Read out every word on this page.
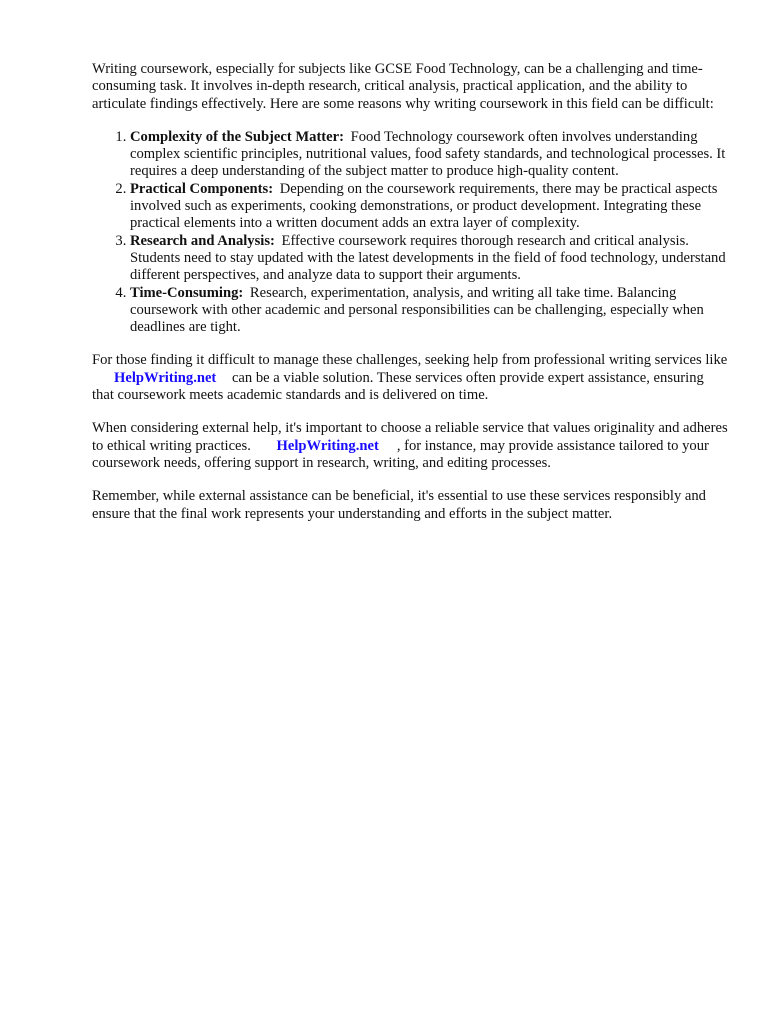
Writing coursework, especially for subjects like GCSE Food Technology, can be a challenging and time-consuming task. It involves in-depth research, critical analysis, practical application, and the ability to articulate findings effectively. Here are some reasons why writing coursework in this field can be difficult:

1. Complexity of the Subject Matter: Food Technology coursework often involves understanding complex scientific principles, nutritional values, food safety standards, and technological processes. It requires a deep understanding of the subject matter to produce high-quality content.
2. Practical Components: Depending on the coursework requirements, there may be practical aspects involved such as experiments, cooking demonstrations, or product development. Integrating these practical elements into a written document adds an extra layer of complexity.
3. Research and Analysis: Effective coursework requires thorough research and critical analysis. Students need to stay updated with the latest developments in the field of food technology, understand different perspectives, and analyze data to support their arguments.
4. Time-Consuming: Research, experimentation, analysis, and writing all take time. Balancing coursework with other academic and personal responsibilities can be challenging, especially when deadlines are tight.

For those finding it difficult to manage these challenges, seeking help from professional writing services like HelpWriting.net can be a viable solution. These services often provide expert assistance, ensuring that coursework meets academic standards and is delivered on time.

When considering external help, it's important to choose a reliable service that values originality and adheres to ethical writing practices. HelpWriting.net , for instance, may provide assistance tailored to your coursework needs, offering support in research, writing, and editing processes.

Remember, while external assistance can be beneficial, it's essential to use these services responsibly and ensure that the final work represents your understanding and efforts in the subject matter.
